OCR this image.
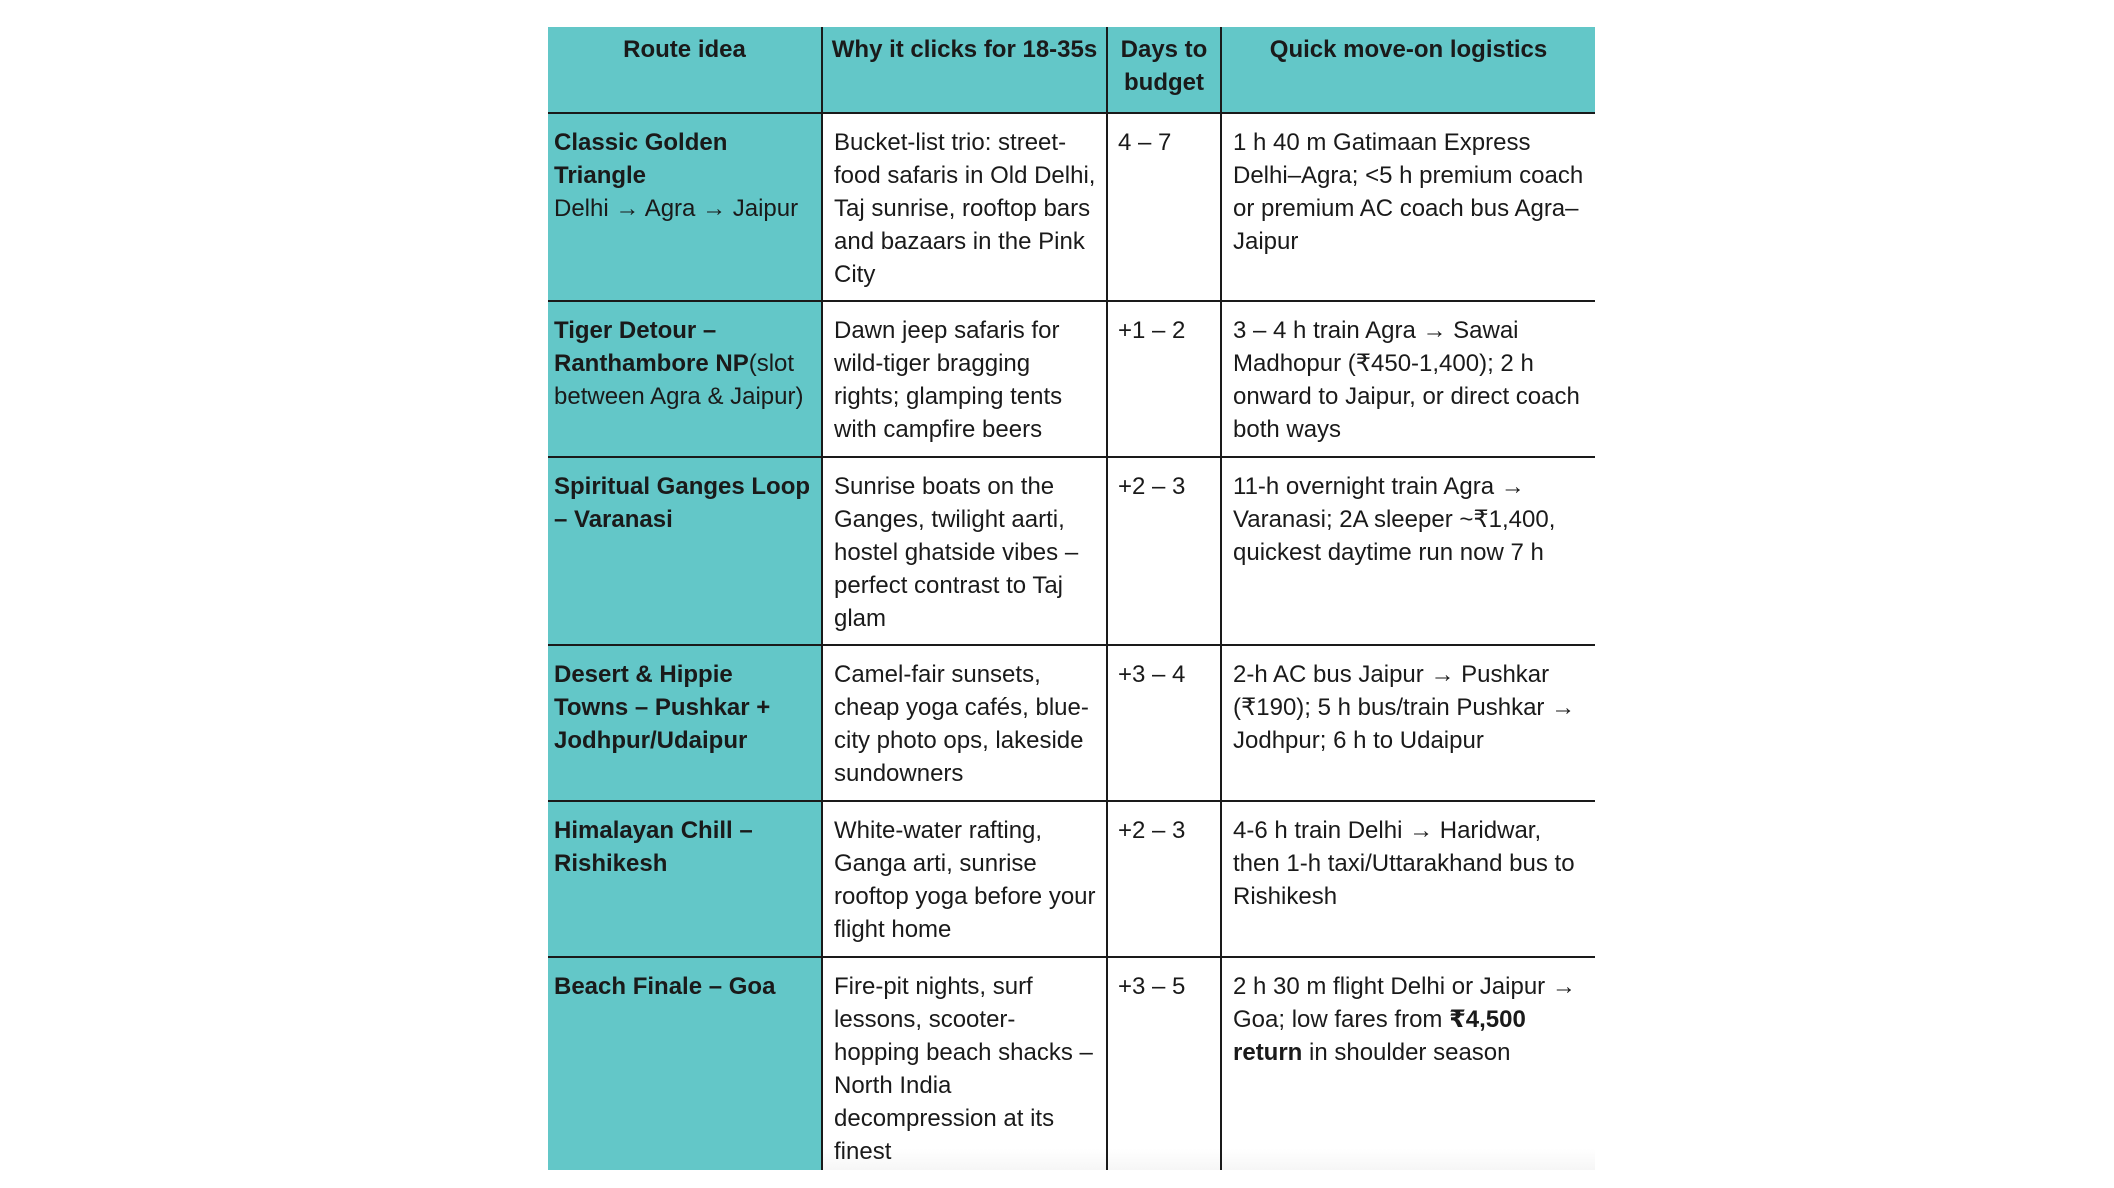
Route idea	Why it clicks for 18-35s	Days to budget	Quick move-on logistics

Classic Golden Triangle
Delhi → Agra → Jaipur	Bucket-list trio: street-food safaris in Old Delhi, Taj sunrise, rooftop bars and bazaars in the Pink City	4 – 7	1 h 40 m Gatimaan Express Delhi–Agra; <5 h premium coach or premium AC coach bus Agra–Jaipur
Tiger Detour – Ranthambore NP(slot between Agra & Jaipur)	Dawn jeep safaris for wild-tiger bragging rights; glamping tents with campfire beers	+1 – 2	3 – 4 h train Agra → Sawai Madhopur (₹450-1,400); 2 h onward to Jaipur, or direct coach both ways

Spiritual Ganges Loop – Varanasi	Sunrise boats on the Ganges, twilight aarti, hostel ghatside vibes – perfect contrast to Taj glam	+2 – 3	11-h overnight train Agra → Varanasi; 2A sleeper ~₹1,400, quickest daytime run now 7 h

Desert & Hippie Towns – Pushkar + Jodhpur/Udaipur	Camel-fair sunsets, cheap yoga cafés, blue-city photo ops, lakeside sundowners	+3 – 4	2-h AC bus Jaipur → Pushkar (₹190); 5 h bus/train Pushkar → Jodhpur; 6 h to Udaipur

Himalayan Chill – Rishikesh	White-water rafting, Ganga arti, sunrise rooftop yoga before your flight home	+2 – 3	4-6 h train Delhi → Haridwar, then 1-h taxi/Uttarakhand bus to Rishikesh

Beach Finale – Goa	Fire-pit nights, surf lessons, scooter-hopping beach shacks – North India decompression at its finest	+3 – 5	2 h 30 m flight Delhi or Jaipur → Goa; low fares from ₹4,500 return in shoulder season
